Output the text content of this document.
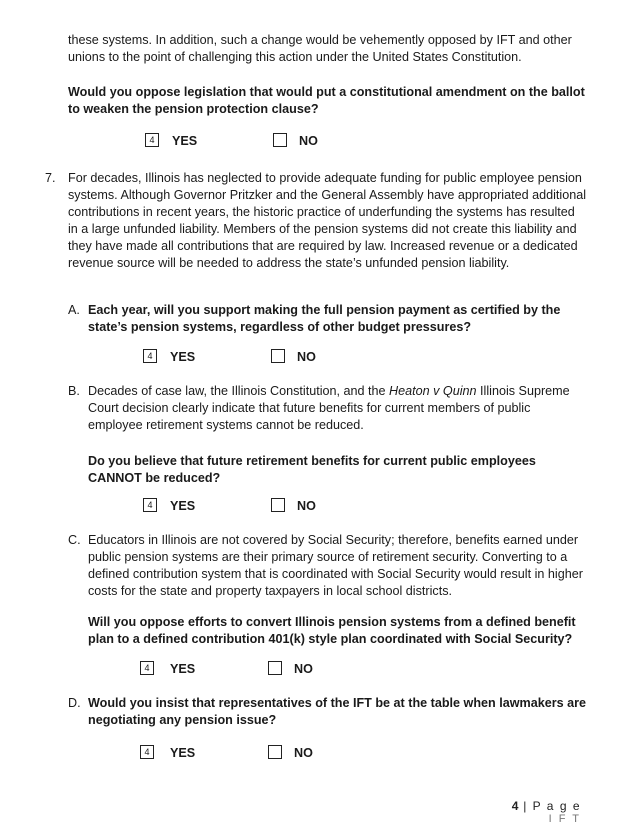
these systems. In addition, such a change would be vehemently opposed by IFT and other unions to the point of challenging this action under the United States Constitution.

Would you oppose legislation that would put a constitutional amendment on the ballot to weaken the pension protection clause?

4	YES	NO
7. For decades, Illinois has neglected to provide adequate funding for public employee pension systems. Although Governor Pritzker and the General Assembly have appropriated additional contributions in recent years, the historic practice of underfunding the systems has resulted in a large unfunded liability. Members of the pension systems did not create this liability and they have made all contributions that are required by law. Increased revenue or a dedicated revenue source will be needed to address the state’s unfunded pension liability.

A. Each year, will you support making the full pension payment as certified by the state’s pension systems, regardless of other budget pressures?

4	YES	NO
B. Decades of case law, the Illinois Constitution, and the Heaton v Quinn Illinois Supreme Court decision clearly indicate that future benefits for current members of public employee retirement systems cannot be reduced.

Do you believe that future retirement benefits for current public employees CANNOT be reduced?

4	YES	NO
C. Educators in Illinois are not covered by Social Security; therefore, benefits earned under public pension systems are their primary source of retirement security. Converting to a defined contribution system that is coordinated with Social Security would result in higher costs for the state and property taxpayers in local school districts.

Will you oppose efforts to convert Illinois pension systems from a defined benefit plan to a defined contribution 401(k) style plan coordinated with Social Security?

4	YES	NO
D. Would you insist that representatives of the IFT be at the table when lawmakers are negotiating any pension issue?

4	YES	NO
4 | P a g e
I F T
